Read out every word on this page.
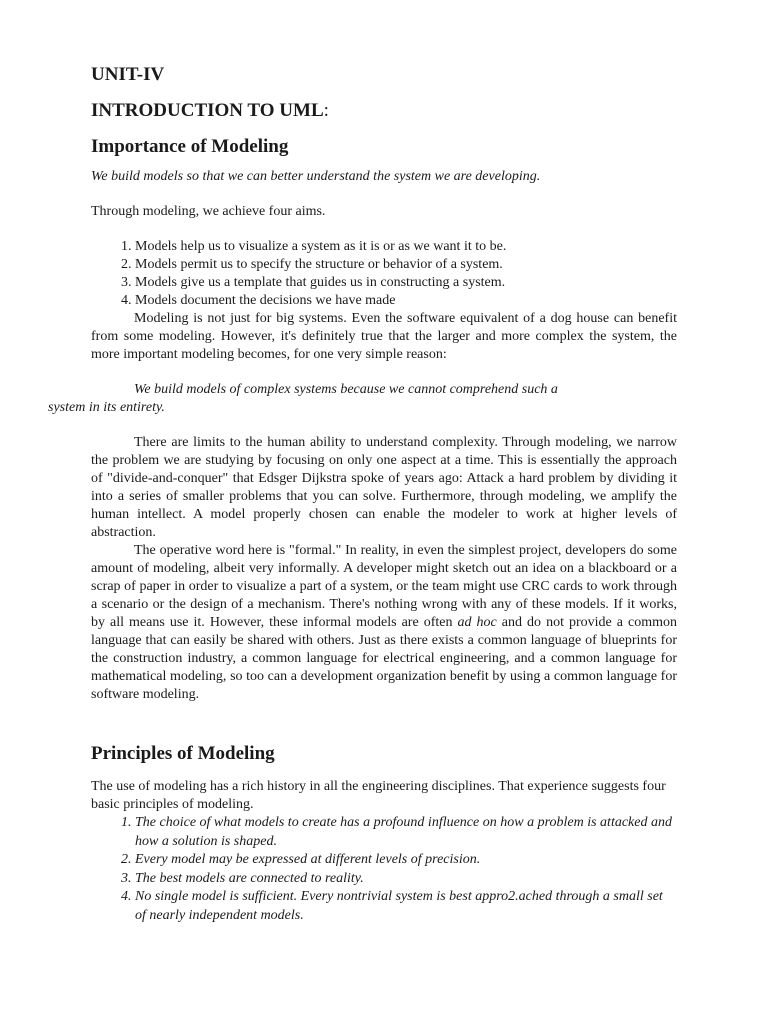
UNIT-IV
INTRODUCTION TO UML:
Importance of Modeling

We build models so that we can better understand the system we are developing.

Through modeling, we achieve four aims.

1. Models help us to visualize a system as it is or as we want it to be.
2. Models permit us to specify the structure or behavior of a system.
3. Models give us a template that guides us in constructing a system.
4. Models document the decisions we have made

Modeling is not just for big systems. Even the software equivalent of a dog house can benefit from some modeling. However, it's definitely true that the larger and more complex the system, the more important modeling becomes, for one very simple reason:

We build models of complex systems because we cannot comprehend such a
system in its entirety.

There are limits to the human ability to understand complexity. Through modeling, we narrow the problem we are studying by focusing on only one aspect at a time. This is essentially the approach of "divide-and-conquer" that Edsger Dijkstra spoke of years ago: Attack a hard problem by dividing it into a series of smaller problems that you can solve. Furthermore, through modeling, we amplify the human intellect. A model properly chosen can enable the modeler to work at higher levels of abstraction.

The operative word here is "formal." In reality, in even the simplest project, developers do some amount of modeling, albeit very informally. A developer might sketch out an idea on a blackboard or a scrap of paper in order to visualize a part of a system, or the team might use CRC cards to work through a scenario or the design of a mechanism. There's nothing wrong with any of these models. If it works, by all means use it. However, these informal models are often ad hoc and do not provide a common language that can easily be shared with others. Just as there exists a common language of blueprints for the construction industry, a common language for electrical engineering, and a common language for mathematical modeling, so too can a development organization benefit by using a common language for software modeling.

Principles of Modeling

The use of modeling has a rich history in all the engineering disciplines. That experience suggests four basic principles of modeling.

1. The choice of what models to create has a profound influence on how a problem is attacked and how a solution is shaped.
2. Every model may be expressed at different levels of precision.
3. The best models are connected to reality.
4. No single model is sufficient. Every nontrivial system is best appro2.ached through a small set of nearly independent models.
